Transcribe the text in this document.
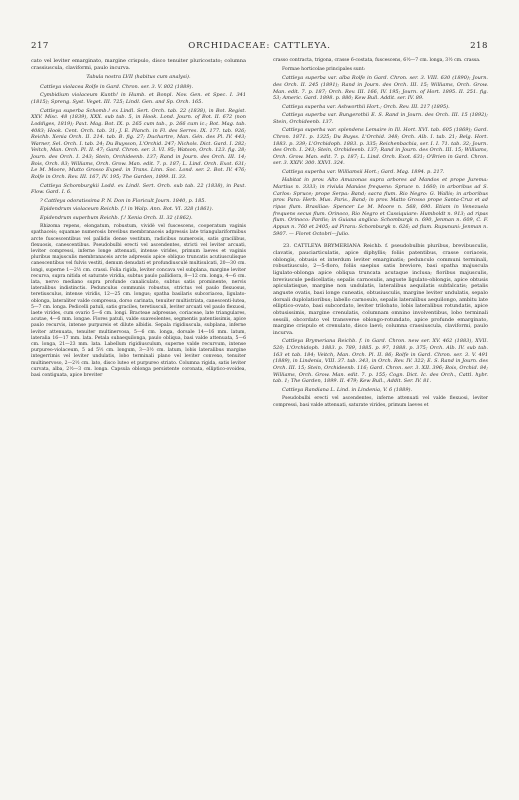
217	ORCHIDACEAE: CATTLEYA.	218

cato vel leviter emarginato, margine crispulo, disco tenuiter pluricostato; columna crassiuscula, claviformi, paulo incurva.

Tabula nostra LVII (habitus cum analysi).

Cattleya violacea Rolfe in Gard. Chron. ser. 3. V. 802 (1889).

Cymbidium violaceum Kunth! in Humb. et Bonpl. Nov. Gen. et Spec. I. 341 (1815); Spreng. Syst. Veget. III. 725; Lindl. Gen. and Sp. Orch. 165.

Cattleya superba Schomb.! ex Lindl. Sert. Orch. tab. 22 (1838), in Bot. Regist. XXV. Misc. 48 (1839), XXX. sub tab. 5, in Hook. Lond. Journ. of Bot. II. 672 (non Loddiges, 1819); Paxt. Mag. Bot. IX. p. 265 cum tab., p. 266 cum ic.; Bot. Mag. tab. 4083; Hook. Cent. Orch. tab. 31; J. E. Planch. in Fl. des Serres. IX. 177. tab. 926; Reichb. Xenia Orch. II. 214. tab. B. fig. 27; Duchartre, Man. Gén. des Pl. IV. 443; Warner, Sel. Orch. I. tab. 24; Du Buysson, L'Orchid. 247; Nichols. Dict. Gard. I. 282; Veitch, Man. Orch. Pl. II. 47; Gard. Chron. ser. 3. VI. 95; Watson, Orch. 123. fig. 28; Journ. des Orch. I. 243; Stein, Orchideenb. 137; Rand in Journ. des Orch. III. 14; Bois, Orch. 83; Williams, Orch. Grow. Man. edit. 7. p. 187; L. Lind. Orch. Exot. 631; Le M. Moore, Mutto Grosso Exped. in Trans. Linn. Soc. Lond. ser. 2. Bot. IV. 476; Rolfe in Orch. Rev. III. 167, IV. 195; The Garden, 1899. II. 33.

Cattleya Schomburgkii Lodd. ex Lindl. Sert. Orch. sub tab. 22 (1838), in Paxt. Flow. Gard. I. 6.

? Cattleya odoratissima P. N. Don in Floricult Journ. 1840, p. 185.

Epidendrum violaceum Reichb. f.! in Walp. Ann. Bot. VI. 328 (1861).

Epidendrum superbum Reichb. f.! Xenia Orch. II. 32 (1862).

Rhizoma repens, elongatum, robustum, vividè vel fuscescens, cooperatum vaginis spathaceis; squamae numerosis brevibus membranaceis adpressis late triangulariformibus arcte fuscescentibus vel pallidis dense vestitum, radicibus numerosis, satis gracilibus, flexuosis, canescentibus. Pseudobulbi erecti vel ascendentes, stricti vel leviter arcuati, leviter compressi, inferne longe attenuati, intense virides, primum laeves et vaginis pluribus majusculis membranaceis arcte adpressis apice obliquo truncatis acutiusculisque canescentibus vel fulvis vestiti, demum denudati et profundiusculé multisulcati, 20—30 cm. longi, superne 1—2½ cm. crassi. Folia rigida, leviter concava vel subplana, margine leviter recurva, supra nitida et saturate viridia, subtus paulo pallidiora, 8—12 cm. longa, 4—6 cm. lata, nervo mediano supra profunde canaliculato, subtus satis prominente, nervis lateralibus indistinctis. Pedunculus communis robustus, strictus vel paulo flexuosus, teretiusculus, intense viridis, 12—25 cm. longus; spatha basilaris subcoriacea, ligulato-oblonga, lateraliter valde compressa, dorso carinata, tenuiter multistriata, canescenti-lutea, 5—7 cm. longa. Pedicelli patuli, satis graciles, teretiusculi, leviter arcuati vel paulo flexuosi, laete virides, cum ovario 5—6 cm. longi. Bracteae adpressae, coriaceae, late triangulares, acutae, 4—6 mm. longae. Flores patuli, valde suaveolentes, segmentis patentissimis, apice paulo recurvis, intense purpureis et dilute albidis. Sepala rigidiuscula, subplana, inferne leviter attenuata, tenuiter multinervosa, 5—6 cm. longa, dorsale 14—16 mm. latum, lateralia 16—17 mm. lata. Petala subaequilonga, paulo obliqua, basi valde attenuata, 5—6 cm. longa, 21—23 mm. lata. Labellum rigidiusculum, superne valde recurvum, intense purpureo-violaceum, 5 ad 5½ cm. longum, 3—3½ cm. latum, lobis lateralibus margine integerrimis vel leviter undulatis, lobo terminali plano vel leviter convexo, tenuiter multinervoso, 2—2½ cm. lato, disco luteo et purpureo striato. Columna rigida, satis leviter curvata, alba, 2½—3 cm. longa. Capsula oblonga persistente coronata, elliptico-ovoidea, basi contiguata, apice breviter

crasso contracta, trigona, crasse 6-costata, fuscescens, 6½—7 cm. longa, 3½ cm. crassa.

Formae horticolae principales sunt:

Cattleya superba var. alba Rolfe in Gard. Chron. ser. 3. VIII. 630 (1890); Journ. des Orch. II. 245 (1891); Rand in Journ. des Orch. III. 15; Williams, Orch. Grow. Man. edit. 7. p. 187; Orch. Rev. III. 166, IV. 195; Journ. of Hort. 1895. II. 251. fig. 53; Americ. Gard. 1898. p. 880; Kew Bull. Addit. ser. IV. 89.

Cattleya superba var. Ashworthii Hort.; Orch. Rev. III. 217 (1895).

Cattleya superba var. Bungerothii E. S. Rand in Journ. des Orch. III. 15 (1892); Stein, Orchideenb. 137.

Cattleya superba var. splendens Lemaire in Ill. Hort. XVI. tab. 605 (1869); Gard. Chron. 1871. p. 1325; Du Buyss. L'Orchid. 348; Orch. Alb. I. tab. 21; Belg. Hort. 1883. p. 339; L'Orchidoph. 1883. p. 335; Reichenbachia, ser. I. I. 71. tab. 32; Journ. des Orch. I. 243; Stein, Orchideenb. 137; Rand in Journ. des Orch. III. 15; Williams, Orch. Grow. Man. edit. 7. p. 187; L. Lind. Orch. Exot. 631; O'Brien in Gard. Chron. ser. 3. XXIV. 300. XXVI. 324.

Cattleya superba var. Williamsii Hort.; Gard. Mag. 1894. p. 217.

Habitat in prov. Alto Amazonas supra arbores ad Mandos et prope Jurema: Martius n. 3333; in riviula Manáos frequens: Spruce n. 1660; in arboribus ad S. Carlos: Spruce; prope Serpa: Band; sacra flum. Rio Negro: G. Wallis; in arboribus prov. Para: Herb. Mus. Paris., Band; in prov. Matto Grosso prope Santa-Cruz et ad ripas flum. Brasiliae: Spencer Le M. Moore n. 568, 690. Etiam in Venezuela frequens secus flum. Orinoco, Rio Negro et Cassiquiare: Humboldt n. 913; ad ripas flum. Orinoco: Pardis; in Guiana anglica: Schomburgk n. 690, Jenman n. 609, C. F. Appun n. 760 et 2405; ad Pirara: Schomburgk n. 626; ad flum. Rupununi: Jenman n. 5907. — Floret Octobri—Julio.

23. CATTLEYA BRYMERIANA Reichb. f. pseudobulbis pluribus, brevibusculis, clavatis, pauciarticulatis, apice diphyllis; foliis patentibus, crasse coriaceis, oblongis, obtusis et interdum leviter emarginatis; pedunculo communi terminali, robustiusculo, 2—5-floro, foliis saepius satis breviore, basi spatha majuscula ligulato-oblonga apice obliqua truncata acutaque inclusa; floribus majusculis, breviuscule pedicellatis; sepalis carnosulis, anguste ligulato-oblongis, apice obtusis apiculatisque, margine non undulatis, lateralibus aequilatis subfalcatis; petalis anguste ovatis, basi longe cuneatis, obtusiusculis, margine leviter undulatis, sepalo dorsali duplolatioribus; labello carnosulo, sepalis lateralibus aequilongo, ambitu late elliptico-ovato, basi subcordato, leviter trilobato, lobis lateralibus rotundatis, apice obtusissimis, margine crenulatis, columnam omnino involventibus, lobo terminali sessili, obcordato vel transverse oblongo-rotundato, apice profunde emarginato, margine crispulo et crenulato, disco laevi; columna crassiuscula, claviformi, paulo incurva.

Cattleya Brymeriana Reichb. f. in Gard. Chron. new ser. XV. 462 (1883), XVII. 520; L'Orchidoph. 1883. p. 789, 1885. p. 97, 1888. p. 375; Orch. Alb. IV. sub tab. 163 et tab. 184; Veitch, Man. Orch. Pl. II. 86; Rolfe in Gard. Chron. ser. 3. V. 491 (1889), in Lindenia, VIII. 37. tab. 343, in Orch. Rev. IV. 322; E. S. Rand in Journ. des Orch. III. 15; Stein, Orchideenb. 116; Gard. Chron. ser. 3. XII. 396; Bois, Orchid. 84; Williams, Orch. Grow. Man. edit. 7. p. 155; Cogn. Dict. Ic. des Orch., Cattl. hybr. tab. 1; The Garden, 1899. II. 479; Kew Bull., Addit. Ser. IV. 81.

Cattleya Randiana L. Lind. in Lindenia, V. 6 (1889).

Pseudobulbi erecti vel ascendentes, inferne attenuati vel valde flexuosi, leviter compressi, basi valde attenuati, saturate virides, primum laeves et
